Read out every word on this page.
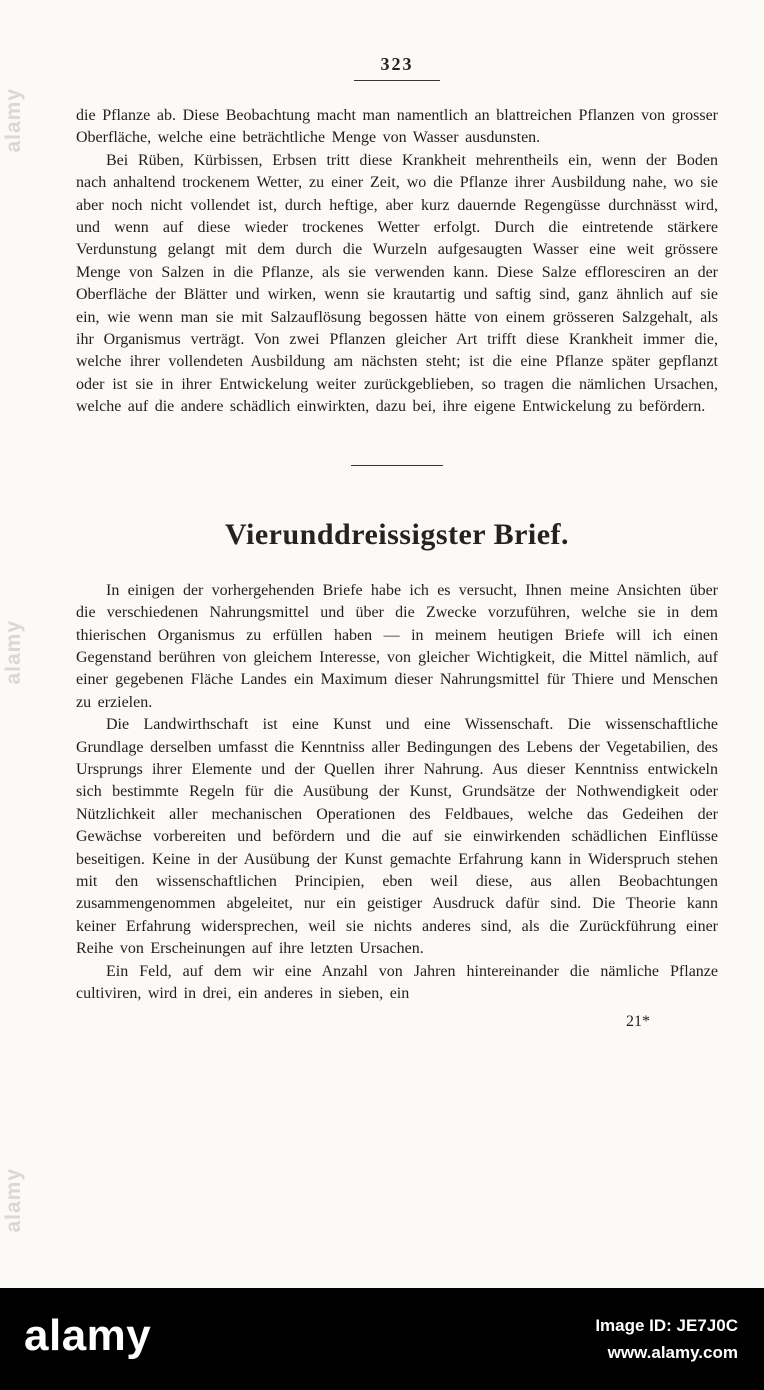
323

die Pflanze ab. Diese Beobachtung macht man namentlich an blattreichen Pflanzen von grosser Oberfläche, welche eine beträchtliche Menge von Wasser ausdunsten.

Bei Rüben, Kürbissen, Erbsen tritt diese Krankheit mehrentheils ein, wenn der Boden nach anhaltend trockenem Wetter, zu einer Zeit, wo die Pflanze ihrer Ausbildung nahe, wo sie aber noch nicht vollendet ist, durch heftige, aber kurz dauernde Regengüsse durchnässt wird, und wenn auf diese wieder trockenes Wetter erfolgt. Durch die eintretende stärkere Verdunstung gelangt mit dem durch die Wurzeln aufgesaugten Wasser eine weit grössere Menge von Salzen in die Pflanze, als sie verwenden kann. Diese Salze effloresciren an der Oberfläche der Blätter und wirken, wenn sie krautartig und saftig sind, ganz ähnlich auf sie ein, wie wenn man sie mit Salzauflösung begossen hätte von einem grösseren Salzgehalt, als ihr Organismus verträgt. Von zwei Pflanzen gleicher Art trifft diese Krankheit immer die, welche ihrer vollendeten Ausbildung am nächsten steht; ist die eine Pflanze später gepflanzt oder ist sie in ihrer Entwickelung weiter zurückgeblieben, so tragen die nämlichen Ursachen, welche auf die andere schädlich einwirkten, dazu bei, ihre eigene Entwickelung zu befördern.

Vierunddreissigster Brief.

In einigen der vorhergehenden Briefe habe ich es versucht, Ihnen meine Ansichten über die verschiedenen Nahrungsmittel und über die Zwecke vorzuführen, welche sie in dem thierischen Organismus zu erfüllen haben — in meinem heutigen Briefe will ich einen Gegenstand berühren von gleichem Interesse, von gleicher Wichtigkeit, die Mittel nämlich, auf einer gegebenen Fläche Landes ein Maximum dieser Nahrungsmittel für Thiere und Menschen zu erzielen.

Die Landwirthschaft ist eine Kunst und eine Wissenschaft. Die wissenschaftliche Grundlage derselben umfasst die Kenntniss aller Bedingungen des Lebens der Vegetabilien, des Ursprungs ihrer Elemente und der Quellen ihrer Nahrung. Aus dieser Kenntniss entwickeln sich bestimmte Regeln für die Ausübung der Kunst, Grundsätze der Nothwendigkeit oder Nützlichkeit aller mechanischen Operationen des Feldbaues, welche das Gedeihen der Gewächse vorbereiten und befördern und die auf sie einwirkenden schädlichen Einflüsse beseitigen. Keine in der Ausübung der Kunst gemachte Erfahrung kann in Widerspruch stehen mit den wissenschaftlichen Principien, eben weil diese, aus allen Beobachtungen zusammengenommen abgeleitet, nur ein geistiger Ausdruck dafür sind. Die Theorie kann keiner Erfahrung widersprechen, weil sie nichts anderes sind, als die Zurückführung einer Reihe von Erscheinungen auf ihre letzten Ursachen.

Ein Feld, auf dem wir eine Anzahl von Jahren hintereinander die nämliche Pflanze cultiviren, wird in drei, ein anderes in sieben, ein

21*
alamy
alamy
alamy
alamy	Image ID: JE7J0C
www.alamy.com
